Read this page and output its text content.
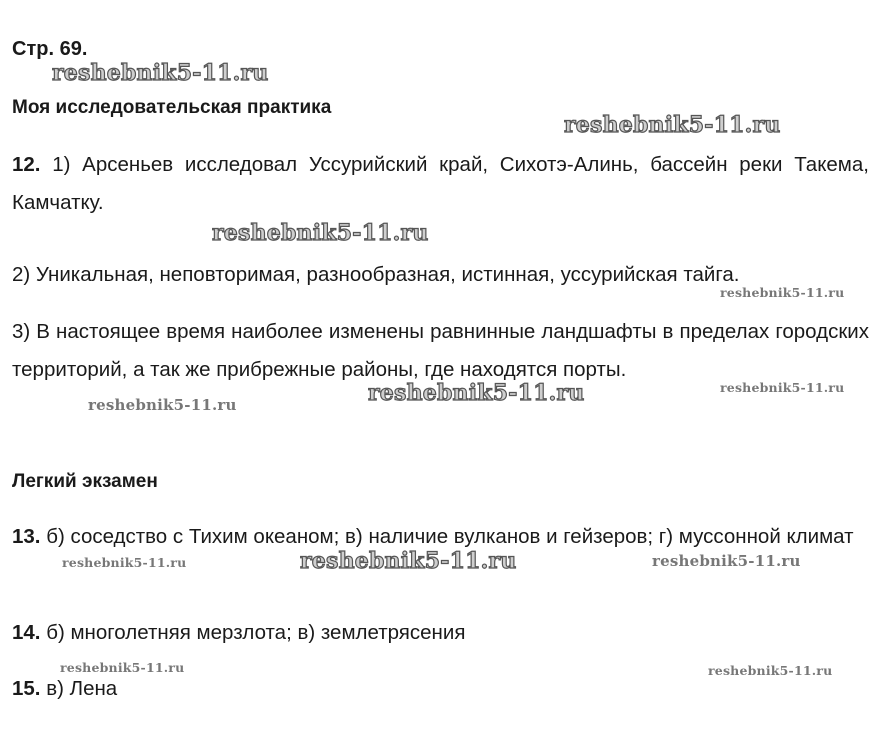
Стр. 69.
Моя исследовательская практика
12. 1) Арсеньев исследовал Уссурийский край, Сихотэ-Алинь, бассейн реки Такема, Камчатку.
2) Уникальная, неповторимая, разнообразная, истинная, уссурийская тайга.
3) В настоящее время наиболее изменены равнинные ландшафты в пределах городских территорий, а так же прибрежные районы, где находятся порты.
Легкий экзамен
13. б) соседство с Тихим океаном; в) наличие вулканов и гейзеров; г) муссонной климат
14. б) многолетняя мерзлота; в) землетрясения
15. в) Лена
reshebnik5-11.ru
reshebnik5-11.ru
reshebnik5-11.ru
reshebnik5-11.ru
reshebnik5-11.ru
reshebnik5-11.ru
reshebnik5-11.ru
reshebnik5-11.ru	reshebnik5-11.ru	reshebnik5-11.ru
reshebnik5-11.ru	reshebnik5-11.ru
